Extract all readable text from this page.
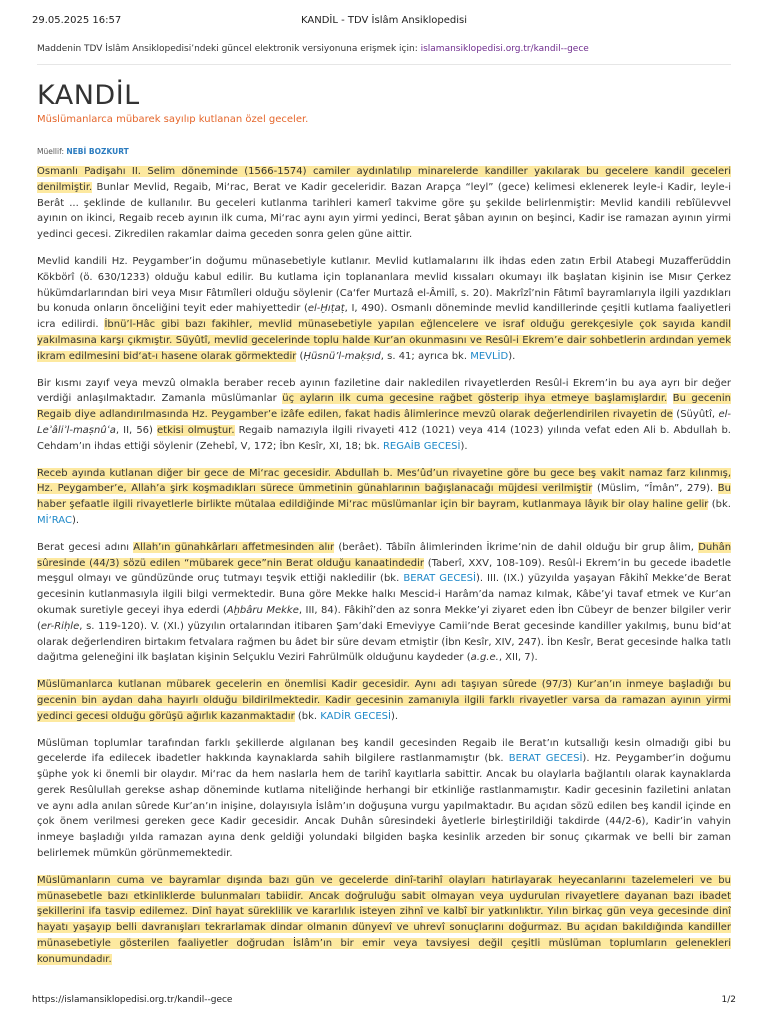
29.05.2025 16:57	KANDİL - TDV İslâm Ansiklopedisi
Maddenin TDV İslâm Ansiklopedisi’ndeki güncel elektronik versiyonuna erişmek için: islamansiklopedisi.org.tr/kandil--gece
KANDİL
Müslümanlarca mübarek sayılıp kutlanan özel geceler.
Müellif: NEBİ BOZKURT

Osmanlı Padişahı II. Selim döneminde (1566-1574) camiler aydınlatılıp minarelerde kandiller yakılarak bu gecelere kandil geceleri denilmiştir. Bunlar Mevlid, Regaib, Mi‘rac, Berat ve Kadir geceleridir. Bazan Arapça “leyl” (gece) kelimesi eklenerek leyle-i Kadir, leyle-i Berât ... şeklinde de kullanılır. Bu geceleri kutlanma tarihleri kamerî takvime göre şu şekilde belirlenmiştir: Mevlid kandili rebîülevvel ayının on ikinci, Regaib receb ayının ilk cuma, Mi‘rac aynı ayın yirmi yedinci, Berat şâban ayının on beşinci, Kadir ise ramazan ayının yirmi yedinci gecesi. Zikredilen rakamlar daima geceden sonra gelen güne aittir.

Mevlid kandili Hz. Peygamber’in doğumu münasebetiyle kutlanır. Mevlid kutlamalarını ilk ihdas eden zatın Erbil Atabegi Muzafferüddin Kökbörî (ö. 630/1233) olduğu kabul edilir. Bu kutlama için toplananlara mevlid kıssaları okumayı ilk başlatan kişinin ise Mısır Çerkez hükümdarlarından biri veya Mısır Fâtımîleri olduğu söylenir (Ca‘fer Murtazâ el-Âmilî, s. 20). Makrîzî’nin Fâtımî bayramlarıyla ilgili yazdıkları bu konuda onların önceliğini teyit eder mahiyettedir (el-Ḫıṭaṭ, I, 490). Osmanlı döneminde mevlid kandillerinde çeşitli kutlama faaliyetleri icra edilirdi. İbnü’l-Hâc gibi bazı fakihler, mevlid münasebetiyle yapılan eğlencelere ve israf olduğu gerekçesiyle çok sayıda kandil yakılmasına karşı çıkmıştır. Süyûtî, mevlid gecelerinde toplu halde Kur’an okunmasını ve Resûl-i Ekrem’e dair sohbetlerin ardından yemek ikram edilmesini bid‘at-ı hasene olarak görmektedir (Ḥüsnü’l-maḳṣıd, s. 41; ayrıca bk. MEVLİD).

Bir kısmı zayıf veya mevzû olmakla beraber receb ayının faziletine dair nakledilen rivayetlerden Resûl-i Ekrem’in bu aya ayrı bir değer verdiği anlaşılmaktadır. Zamanla müslümanlar üç ayların ilk cuma gecesine rağbet gösterip ihya etmeye başlamışlardır. Bu gecenin Regaib diye adlandırılmasında Hz. Peygamber’e izâfe edilen, fakat hadis âlimlerince mevzû olarak değerlendirilen rivayetin de (Süyûtî, el-Leʾâliʾl-maṣnûʿa, II, 56) etkisi olmuştur. Regaib namazıyla ilgili rivayeti 412 (1021) veya 414 (1023) yılında vefat eden Ali b. Abdullah b. Cehdam’ın ihdas ettiği söylenir (Zehebî, V, 172; İbn Kesîr, XI, 18; bk. REGAİB GECESİ).

Receb ayında kutlanan diğer bir gece de Mi‘rac gecesidir. Abdullah b. Mes‘ûd’un rivayetine göre bu gece beş vakit namaz farz kılınmış, Hz. Peygamber’e, Allah’a şirk koşmadıkları sürece ümmetinin günahlarının bağışlanacağı müjdesi verilmiştir (Müslim, “Îmân”, 279). Bu haber şefaatle ilgili rivayetlerle birlikte mütalaa edildiğinde Mi‘rac müslümanlar için bir bayram, kutlanmaya lâyık bir olay haline gelir (bk. Mİ‘RAC).

Berat gecesi adını Allah’ın günahkârları affetmesinden alır (berâet). Tâbiîn âlimlerinden İkrime’nin de dahil olduğu bir grup âlim, Duhân sûresinde (44/3) sözü edilen “mübarek gece”nin Berat olduğu kanaatindedir (Taberî, XXV, 108-109). Resûl-i Ekrem’in bu gecede ibadetle meşgul olmayı ve gündüzünde oruç tutmayı teşvik ettiği nakledilir (bk. BERAT GECESİ). III. (IX.) yüzyılda yaşayan Fâkihî Mekke’de Berat gecesinin kutlanmasıyla ilgili bilgi vermektedir. Buna göre Mekke halkı Mescid-i Harâm’da namaz kılmak, Kâbe’yi tavaf etmek ve Kur’an okumak suretiyle geceyi ihya ederdi (Aḫbâru Mekke, III, 84). Fâkihî’den az sonra Mekke’yi ziyaret eden İbn Cübeyr de benzer bilgiler verir (er-Riḥle, s. 119-120). V. (XI.) yüzyılın ortalarından itibaren Şam’daki Emeviyye Camii’nde Berat gecesinde kandiller yakılmış, bunu bid‘at olarak değerlendiren birtakım fetvalara rağmen bu âdet bir süre devam etmiştir (İbn Kesîr, XIV, 247). İbn Kesîr, Berat gecesinde halka tatlı dağıtma geleneğini ilk başlatan kişinin Selçuklu Veziri Fahrülmülk olduğunu kaydeder (a.g.e., XII, 7).

Müslümanlarca kutlanan mübarek gecelerin en önemlisi Kadir gecesidir. Aynı adı taşıyan sûrede (97/3) Kur’an’ın inmeye başladığı bu gecenin bin aydan daha hayırlı olduğu bildirilmektedir. Kadir gecesinin zamanıyla ilgili farklı rivayetler varsa da ramazan ayının yirmi yedinci gecesi olduğu görüşü ağırlık kazanmaktadır (bk. KADİR GECESİ).

Müslüman toplumlar tarafından farklı şekillerde algılanan beş kandil gecesinden Regaib ile Berat’ın kutsallığı kesin olmadığı gibi bu gecelerde ifa edilecek ibadetler hakkında kaynaklarda sahih bilgilere rastlanmamıştır (bk. BERAT GECESİ). Hz. Peygamber’in doğumu şüphe yok ki önemli bir olaydır. Mi‘rac da hem naslarla hem de tarihî kayıtlarla sabittir. Ancak bu olaylarla bağlantılı olarak kaynaklarda gerek Resûlullah gerekse ashap döneminde kutlama niteliğinde herhangi bir etkinliğe rastlanmamıştır. Kadir gecesinin faziletini anlatan ve aynı adla anılan sûrede Kur’an’ın inişine, dolayısıyla İslâm’ın doğuşuna vurgu yapılmaktadır. Bu açıdan sözü edilen beş kandil içinde en çok önem verilmesi gereken gece Kadir gecesidir. Ancak Duhân sûresindeki âyetlerle birleştirildiği takdirde (44/2-6), Kadir’in vahyin inmeye başladığı yılda ramazan ayına denk geldiği yolundaki bilgiden başka kesinlik arzeden bir sonuç çıkarmak ve belli bir zaman belirlemek mümkün görünmemektedir.

Müslümanların cuma ve bayramlar dışında bazı gün ve gecelerde dinî-tarihî olayları hatırlayarak heyecanlarını tazelemeleri ve bu münasebetle bazı etkinliklerde bulunmaları tabiidir. Ancak doğruluğu sabit olmayan veya uydurulan rivayetlere dayanan bazı ibadet şekillerini ifa tasvip edilemez. Dinî hayat süreklilik ve kararlılık isteyen zihnî ve kalbî bir yatkınlıktır. Yılın birkaç gün veya gecesinde dinî hayatı yaşayıp belli davranışları tekrarlamak dindar olmanın dünyevî ve uhrevî sonuçlarını doğurmaz. Bu açıdan bakıldığında kandiller münasebetiyle gösterilen faaliyetler doğrudan İslâm’ın bir emir veya tavsiyesi değil çeşitli müslüman toplumların gelenekleri konumundadır.

https://islamansiklopedisi.org.tr/kandil--gece	1/2
